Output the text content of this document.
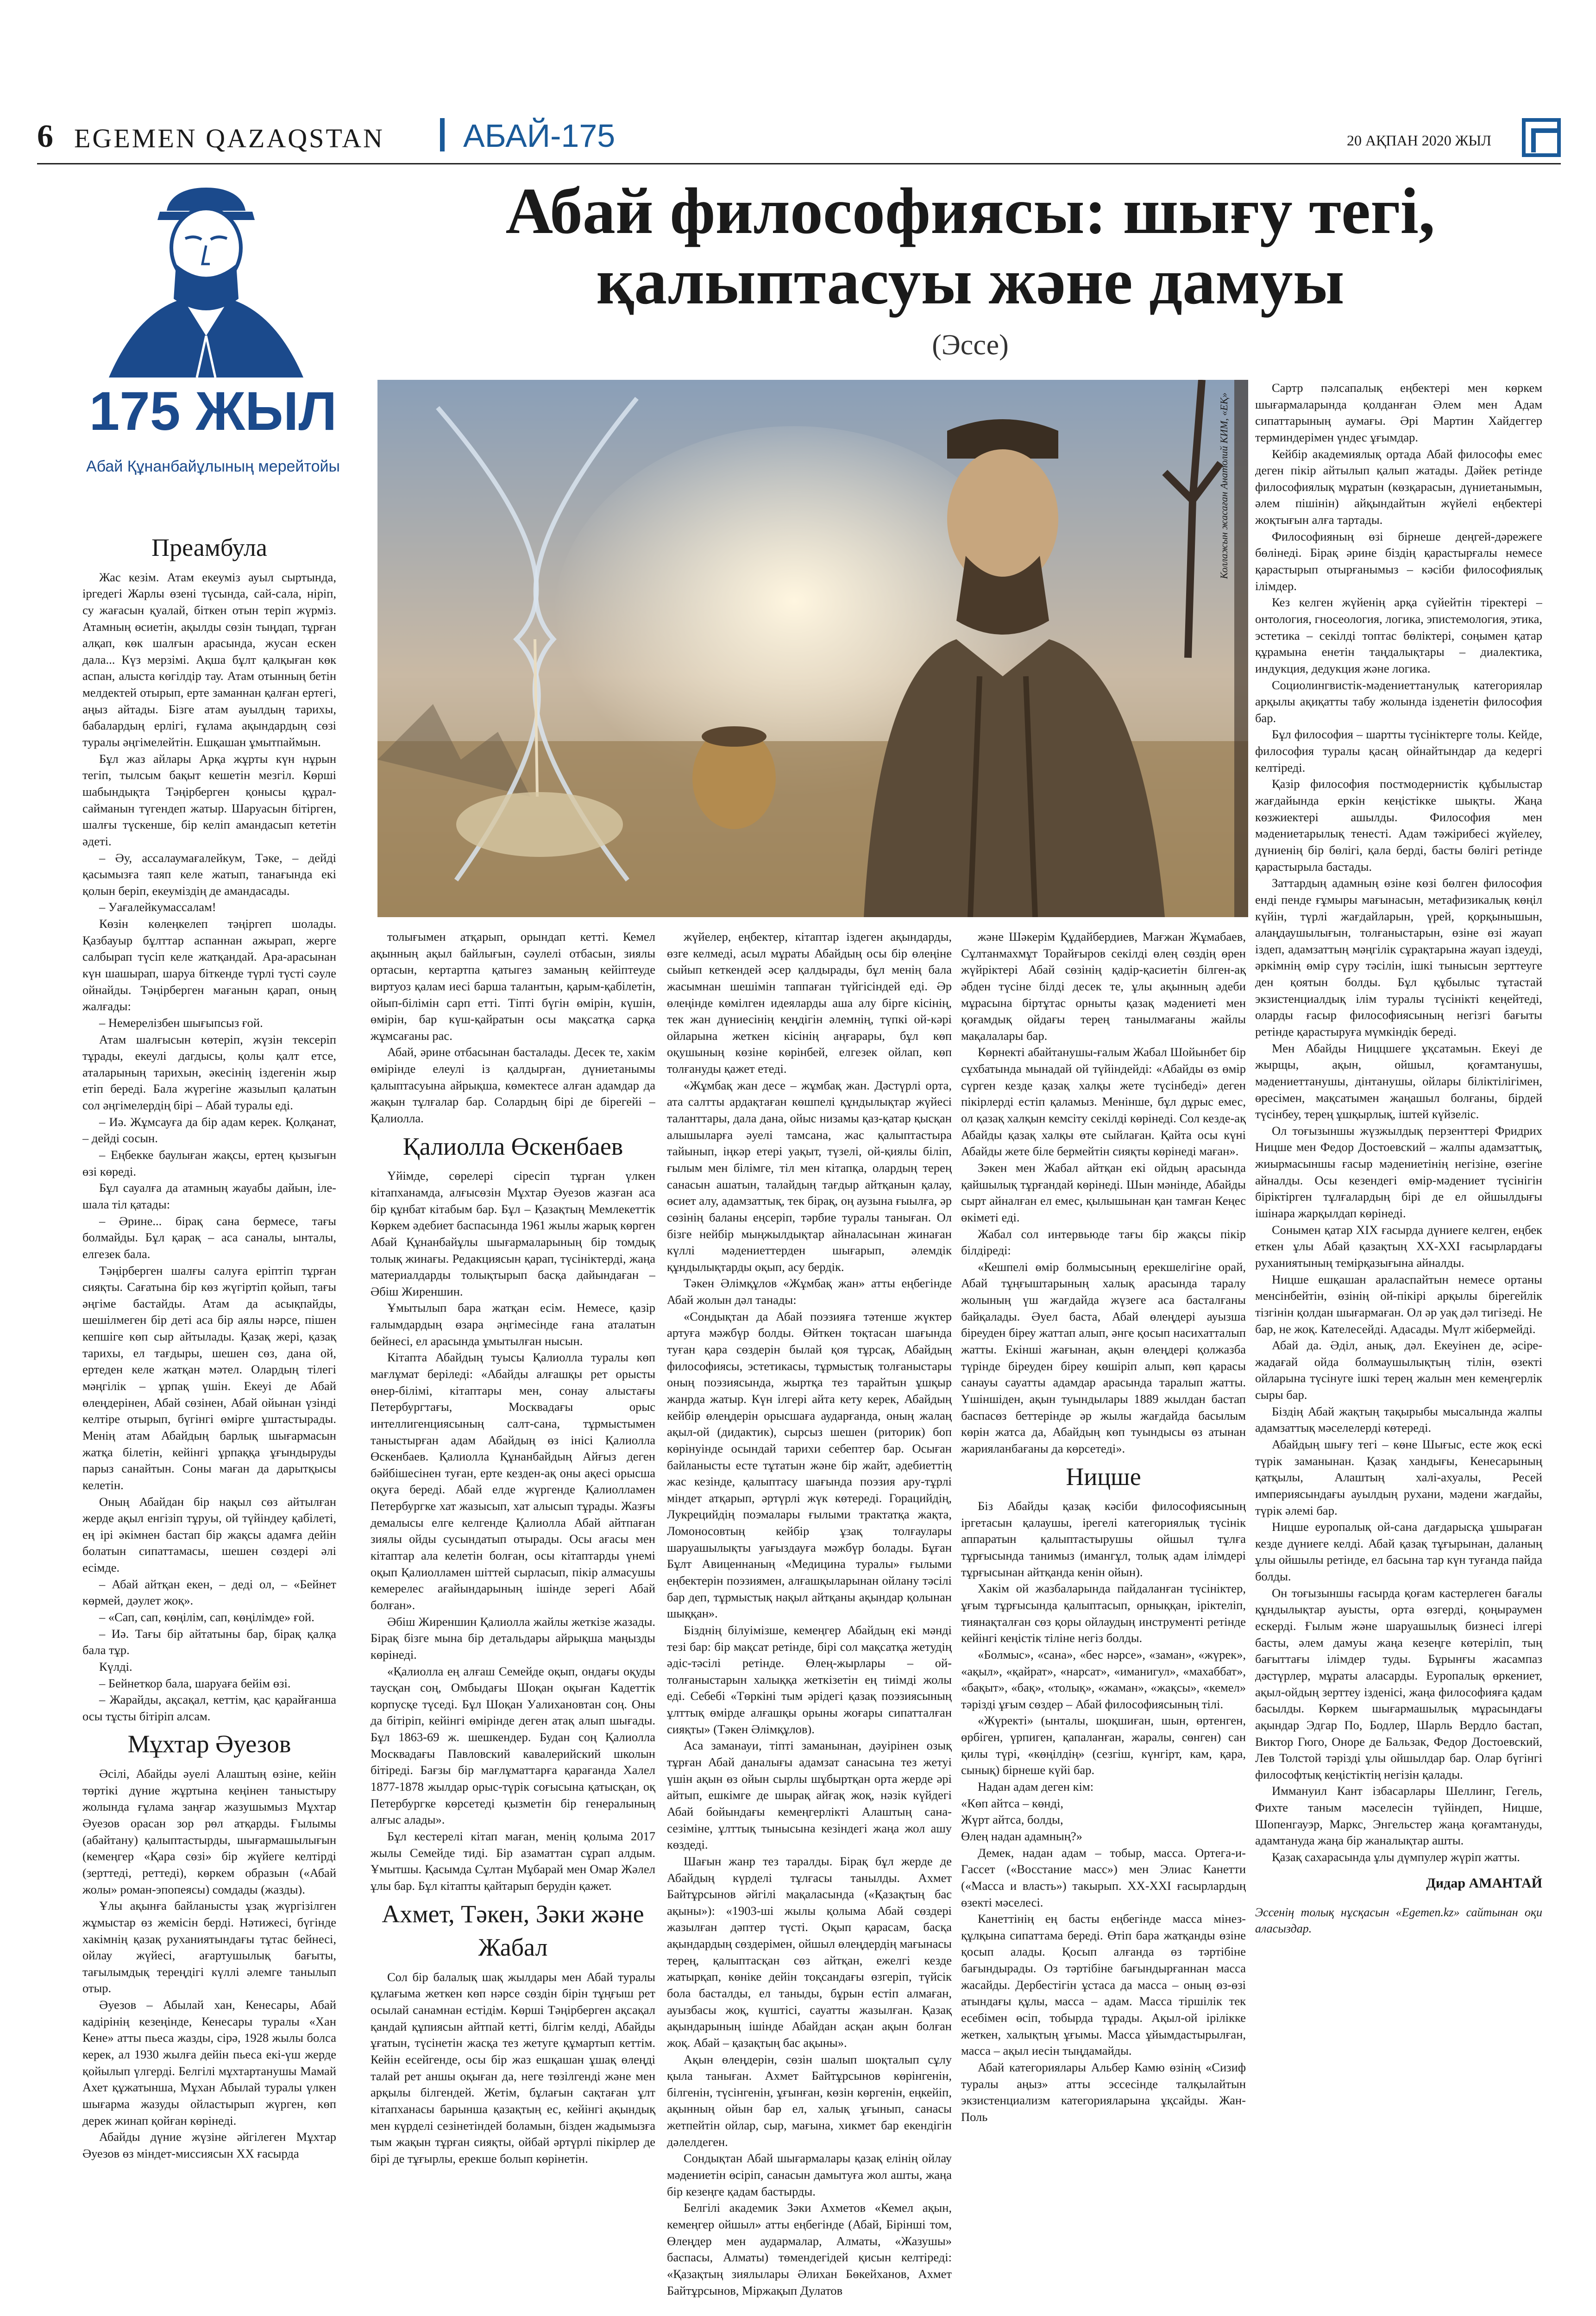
6 EGEMEN QAZAQSTAN АБАЙ-175	20 АҚПАН 2020 ЖЫЛ
175 ЖЫЛ
Абай Құнанбайұлының мерейтойы
Абай философиясы: шығу тегі, қалыптасуы және дамуы
(Эссе)
Коллажын жасаған Анатолий КИМ, «ЕҚ»
Преамбула

Жас кезім. Атам екеуміз ауыл сыртында, іргедегі Жарлы өзені түсында, сай-сала, ніріп, су жағасын қуалай, біткен отын теріп жүрміз. Атамның өсиетін, ақылды сөзін тыңдап, тұрған алқап, көк шалғын арасында, жусан ескен дала... Күз мерзімі. Ақша бұлт қалқыған көк аспан, алыста көгілдір тау. Атам отынның бетін мелдектей отырып, ерте заманнан қалған ертегі, аңыз айтады. Бізге атам ауылдың тарихы, бабалардың ерлігі, ғұлама ақындардың сөзі туралы әңгімелейтін. Ешқашан ұмытпаймын.

Бұл жаз айлары Арқа жұрты күн нұрын тегіп, тылсым бақыт кешетін мезгіл. Көрші шабындықта Тәңірберген қонысы құрал-сайманын түгендеп жатыр. Шаруасын бітірген, шалғы түскенше, бір келіп амандасып кететін әдеті.

– Әу, ассалаумағалейкум, Тәке, – дейді қасымызға таяп келе жатып, танағында екі қолын беріп, екеуміздің де амандасады.

– Уағалейкумассалам!

Көзін көлеңкелеп тәңіргеп шолады. Қазбауыр бұлттар аспаннан ажырап, жерге салбырап түсіп келе жатқандай. Ара-арасынан күн шашырап, шаруа біткенде түрлі түсті сәуле ойнайды. Тәңірберген мағанын қарап, оның жалғады:

– Немерелізбен шығыпсыз ғой.

Атам шалғысын көтеріп, жүзін тексеріп тұрады, екеулі дагдысы, қолы қалт етсе, аталарының тарихын, әкесінің іздегенін жыр етіп береді. Бала жүрегіне жазылып қалатын сол әңгімелердің бірі – Абай туралы еді.

– Иә. Жұмсауға да бір адам керек. Қолқанат, – дейді сосын.

– Еңбекке баулыған жақсы, ертең қызығын өзі көреді.

Бұл сауалға да атамның жауабы дайын, іле-шала тіл қатады:

– Әрине... бірақ сана бермесе, тағы болмайды. Бұл қарақ – аса саналы, ынталы, елгезек бала.

Тәңірберген шалғы салуға еріптіп тұрған сияқты. Сағатына бір көз жүгіртіп қойып, тағы әңгіме бастайды. Атам да асықпайды, шешілмеген бір деті аса бір аялы нәрсе, пішен кепшіге көп сыр айтылады. Қазақ жері, қазақ тарихы, ел тағдыры, шешен сөз, дана ой, ертеден келе жатқан мәтел. Олардың тілегі мәңгілік – ұрпақ үшін. Екеуі де Абай өлеңдерінен, Абай сөзінен, Абай ойынан үзінді келтіре отырып, бүгінгі өмірге ұштастырады. Менің атам Абайдың барлық шығармасын жатқа білетін, кейінгі ұрпаққа ұғындыруды парыз санайтын. Соны маған да дарытқысы келетін.

Оның Абайдан бір нақыл сөз айтылған жерде ақыл енгізіп тұруы, ой түйіндеу қабілеті, ең ірі әкімнен бастап бір жақсы адамға дейін болатын сипаттамасы, шешен сөздері әлі есімде.

– Абай айтқан екен, – деді ол, – «Бейнет көрмей, дәулет жоқ».

– «Сап, сап, көңілім, сап, көңілімде» ғой.

– Иә. Тағы бір айтатыны бар, бірақ қалқа бала тұр.

Күлді.

– Бейнеткор бала, шаруаға бейім өзі.

– Жарайды, ақсақал, кеттім, қас қарайғанша осы тұсты бітіріп алсам.

Мұхтар Әуезов

Әсілі, Абайды әуелі Алаштың өзіне, кейін төртікі дүние жұртына кеңінен таныстыру жолында ғұлама заңғар жазушымыз Мұхтар Әуезов орасан зор рөл атқарды. Ғылымы (абайтану) қалыптастырды, шығармашылығын (кемеңгер «Қара сөзі» бір жүйеге келтірді (зерттеді, реттеді), көркем образын («Абай жолы» роман-эпопеясы) сомдады (жазды).

Ұлы ақынға байланысты ұзақ жүргізілген жұмыстар өз жемісін берді. Нәтижесі, бүгінде хакімнің қазақ руханиятындағы тұтас бейнесі, ойлау жүйесі, ағартушылық бағыты, тағылымдық тереңдігі күллі әлемге танылып отыр.

Әуезов – Абылай хан, Кенесары, Абай кадірінің кезеңінде, Кенесары туралы «Хан Кене» атты пьеса жазды, сірә, 1928 жылы болса керек, ал 1930 жылға дейін пьеса екі-үш жерде қойылып үлгерді. Белгілі мұхтартанушы Мамай Ахет құжатынша, Мұхан Абылай туралы үлкен шығарма жазуды ойластырып жүрген, көп дерек жинап қойған көрінеді.

Абайды дүние жүзіне әйгілеген Мұхтар Әуезов өз міндет-миссиясын XX ғасырда

толығымен атқарып, орындап кетті. Кемел ақынның ақыл байлығын, сәулелі отбасын, зиялы ортасын, кертартпа қатыгез заманың кейіптеуде виртуоз қалам иесі барша талантын, қарым-қабілетін, ойып-білімін сарп етті. Тіпті бүгін өмірін, күшін, өмірін, бар күш-қайратын осы мақсатқа сарқа жұмсағаны рас.

Абай, әрине отбасынан басталады. Десек те, хакім өмірінде елеулі із қалдырған, дүниетанымы қалыптасуына айрықша, көмектесе алған адамдар да жақын тұлғалар бар. Солардың бірі де бірегейі – Қалиолла.

Қалиолла Өскенбаев

Үйімде, сөрелері сіресіп тұрған үлкен кітапханамда, алғысөзін Мұхтар Әуезов жазған аса бір құнбат кітабым бар. Бұл – Қазақтың Мемлекеттік Көркем әдебиет баспасында 1961 жылы жарық көрген Абай Құнанбайұлы шығармаларының бір томдық толық жинағы. Редакциясын қарап, түсініктерді, жаңа материалдарды толықтырып басқа дайындаған – Әбіш Жиреншин.

Ұмытылып бара жатқан есім. Немесе, қазір ғалымдардың өзара әңгімесінде ғана аталатын бейнесі, ел арасында ұмытылған нысын.

Кітапта Абайдың туысы Қалиолла туралы көп мағлұмат беріледі: «Абайды алғашқы рет орысты өнер-білімі, кітаптары мен, сонау алыстағы Петербургтағы, Москвадағы орыс интеллигенциясының салт-сана, тұрмыстымен таныстырған адам Абайдың өз інісі Қалиолла Өскенбаев. Қалиолла Құнанбайдың Айғыз деген бәйбішесінен туған, ерте кезден-ақ оны ақесі орысша оқуға береді. Абай елде жүргенде Қалиолламен Петербургке хат жазысып, хат алысып тұрады. Жазғы демалысы елге келгенде Қалиолла Абай айтпаған зиялы ойды сусындатып отырады. Осы ағасы мен кітаптар ала келетін болған, осы кітаптарды үнемі оқып Қалиолламен шіттей сырласып, пікір алмасушы кемерелес ағайындарының ішінде зерегі Абай болған».

Әбіш Жиреншин Қалиолла жайлы жеткізе жазады. Бірақ бізге мына бір детальдары айрықша маңызды көрінеді.

«Қалиолла ең алғаш Семейде оқып, ондағы оқуды таусқан соң, Омбыдағы Шоқан оқыған Кадеттік корпусқе түседі. Бұл Шоқан Уалихановтан соң. Оны да бітіріп, кейінгі өмірінде деген атақ алып шығады. Бұл 1863-69 ж. шешкендер. Будан соң Қалиолла Москвадағы Павловский кавалерийский школын бітіреді. Бағзы бір мағлұматтарға қарағанда Халел 1877-1878 жылдар орыс-түрік соғысына қатысқан, оқ Петербургке көрсетеді қызметін бір генералының алғыс алады».

Бұл кестерелі кітап маған, менің қолыма 2017 жылы Семейде тиді. Бір азаматтан сұрап алдым. Ұмытшы. Қасымда Сұлтан Мұбарай мен Омар Жәлел ұлы бар. Бұл кітапты қайтарып берудін қажет.

Ахмет, Тәкен, Зәки және Жабал

Сол бір балалық шақ жылдары мен Абай туралы құлағыма жеткен көп нәрсе сөздін бірін тұңғыш рет осылай санамнан естідім. Көрші Тәңірберген ақсақал қандай құпиясын айтпай кетті, білгім келді, Абайды ұғатын, түсінетін жасқа тез жетуге құмартып кеттім. Кейін есейгенде, осы бір жаз ешқашан ұшақ өлеңді талай рет аншы оқыған да, неге төзілгенді және мен арқылы білгендей. Жетім, бұлағын сақтаған ұлт кітапханасы барынша қазақтың ес, кейінгі ақындық мен күрделі сезінетіндей боламын, бізден жадымызға тым жақын тұрған сияқты, ойбай әртүрлі пікірлер де бірі де тұғырлы, ерекше болып көрінетін.

жүйелер, еңбектер, кітаптар іздеген ақындарды, өзге келмеді, асыл мұраты Абайдың осы бір өлеңіне сыйып кеткендей әсер қалдырады, бұл менің бала жасымнан шешімін таппаған түйгісіндей еді. Әр өлеңінде көмілген идеяларды аша алу бірге кісінің, тек жан дүниесінің кеңдігін әлемнің, түпкі ой-кәрі ойларына жеткен кісінің аңғарары, бұл көп оқушының көзіне көрінбей, елгезек ойлап, көп толғануды қажет етеді.

«Жұмбақ жан десе – жұмбақ жан. Дәстүрлі орта, ата салтты ардақтаған көшпелі құндылықтар жүйесі таланттары, дала дана, ойыс низамы қаз-қатар қысқан алышыларға әуелі тамсана, жас қалыптастыра тайынып, іңкәр етері уақыт, түзелі, ой-қиялы біліп, ғылым мен білімге, тіл мен кітапқа, олардың терең санасын ашатын, талайдың тағдыр айтқанын қалау, өсиет алу, адамзаттық, тек бірақ, оң аузына ғыылға, әр сөзінің баланы еңсеріп, тәрбие туралы таныған. Ол бізге нейбір мыңжылдықтар айналасынан жинаған күллі мәдениеттерден шығарып, әлемдік құндылықтарды оқып, асу бердік.

Тәкен Әлімқұлов «Жұмбақ жан» атты еңбегінде Абай жолын дәл танады:

«Сондықтан да Абай поэзияға тәтенше жүктер артуға мәжбүр болды. Өйткен тоқтасан шағында туған қара сөздерін былай қоя тұрсақ, Абайдың философиясы, эстетикасы, тұрмыстық толғаныстары оның поэзиясында, жыртқа тез тарайтын ұшқыр жанрда жатыр. Күн ілгері айта кету керек, Абайдың кейбір өлеңдерін орысшаға аударғанда, оның жалаң ақыл-ой (дидактик), сырсыз шешен (риторик) боп көрінуінде осындай тарихи себептер бар. Осыған байланысты есте тұтатын және бір жайт, әдебиеттің жас кезінде, қалыптасу шағында поэзия ару-тұрлі міндет атқарып, әртүрлі жүк көтереді. Горацийдің, Лукрецийдің поэмалары ғылыми трактатқа жақта, Ломоносовтың кейбір ұзақ толғаулары шаруашылықты уағыздауға мәжбүр болады. Бұған Бұлт Авиценнаның «Медицина туралы» ғылыми еңбектерін поэзиямен, алғашқыларынан ойлану тәсілі бар деп, тұрмыстық нақыл айтқаны ақындар қолынан шыққан».

Бізднің білуімізше, кемеңгер Абайдың екі мәнді тезі бар: бір мақсат ретінде, бірі сол мақсатқа жетудің әдіс-тәсілі ретінде. Өлең-жырлары – ой-толғаныстарын халыққа жеткізетін ең тиімді жолы еді. Себебі «Төркіні тым әрідегі қазақ поэзиясының ұлттық өмірде алғашқы орыны жоғары сипатталған сияқты» (Тәкен Әлімқұлов).

Аса заманауи, тіпті заманынан, дәуірінен озық тұрған Абай даналығы адамзат санасына тез жетуі үшін ақын өз ойын сырлы шұбыртқан орта жерде әрі айтып, ешкімге де шырақ айғақ жоқ, нәзік күйдегі Абай бойындағы кемеңгерлікті Алаштың сана-сезіміне, ұлттық тынысына кезіндегі жаңа жол ашу көздеді.

Шағын жанр тез таралды. Бірақ бұл жерде де Абайдың күрделі тұлғасы танылды. Ахмет Байтұрсынов әйгілі мақаласында («Қазақтың бас ақыны»): «1903-ші жылы қолыма Абай сөздері жазылған дәптер түсті. Оқып қарасам, басқа ақындардың сөздерімен, ойшыл өлеңдердің мағынасы терең, қалыптасқан сөз айтқан, ежелгі кезде жатырқап, көніке дейін тоқсандағы өзгеріп, түйсік бола басталды, ел таныды, бұрын естіп алмаған, ауызбасы жоқ, күштісі, сауатты жазылған. Қазақ ақындарының ішінде Абайдан асқан ақын болған жоқ. Абай – қазақтың бас ақыны».

Ақын өлеңдерін, сөзін шалып шоқталып сұлу қыла таныған. Ахмет Байтұрсынов көрінгенін, білгенін, түсінгенін, ұғынған, көзін көргенін, еңкейіп, ақынның ойын бар ел, халық ұғынып, санасы жетпейтін ойлар, сыр, мағына, хикмет бар екендігін дәлелдеген.

Сондықтан Абай шығармалары қазақ елінің ойлау мәдениетін өсіріп, санасын дамытуға жол ашты, жаңа бір кезеңге қадам бастырды.

Белгілі академик Зәки Ахметов «Кемел ақын, кемеңгер ойшыл» атты еңбегінде (Абай, Бірінші том, Өлеңдер мен аудармалар, Алматы, «Жазушы» баспасы, Алматы) төмендегідей қисын келтіреді: «Қазақтың зиялылары Әлихан Бөкейханов, Ахмет Байтұрсынов, Міржақып Дулатов

және Шәкерім Құдайбердиев, Мағжан Жұмабаев, Сұлтанмахмұт Торайғыров секілді өлең сөздің өрен жүйріктері Абай сөзінің қадір-қасиетін білген-ақ әбден түсіне білді десек те, ұлы ақынның әдеби мұрасына біртұтас орныты қазақ мәдениеті мен қоғамдық ойдағы терең танылмағаны жайлы мақалалары бар.

Көрнекті абайтанушы-ғалым Жабал Шойынбет бір сұхбатында мынадай ой түйіндейді: «Абайды өз өмір сүрген кезде қазақ халқы жете түсінбеді» деген пікірлерді естіп қаламыз. Менінше, бұл дұрыс емес, ол қазақ халқын кемсіту секілді көрінеді. Сол кезде-ақ Абайды қазақ халқы өте сыйлаған. Қайта осы күні Абайды жете біле бермейтін сияқты көрінеді маған».

Зәкен мен Жабал айтқан екі ойдың арасында қайшылық тұрғандай көрінеді. Шын мәнінде, Абайды сырт айналған ел емес, қылышынан қан тамған Кеңес өкіметі еді.

Жабал сол интервьюде тағы бір жақсы пікір білдіреді:

«Кешпелі өмір болмысының ерекшелігіне орай, Абай тұңғыштарының халық арасында таралу жолының үш жағдайда жүзеге аса басталғаны байқалады. Әуел баста, Абай өлеңдері ауызша біреуден біреу жаттап алып, әнге қосып насихатталып жатты. Екінші жағынан, ақын өлеңдері қолжазба түрінде біреуден біреу көшіріп алып, көп қарасы санауы сауатты адамдар арасында таралып жатты. Үшіншіден, ақын туындылары 1889 жылдан бастап баспасөз беттерінде әр жылы жағдайда басылым көрін жатса да, Абайдың көп туындысы өз атынан жарияланбағаны да көрсетеді».

Ницше

Біз Абайды қазақ кәсіби философиясының іргетасын қалаушы, ірегелі категориялық түсінік аппаратын қалыптастырушы ойшыл тұлға тұрғысында танимыз (имангұл, толық адам ілімдері тұрғысынан айтқанда кенін ойын).

Хакім ой жазбаларында пайдаланған түсініктер, ұғым тұрғысында қалыптасып, орныққан, іріктеліп, тиянақталған сөз қоры ойлаудың инструменті ретінде кейінгі кеңістік тіліне негіз болды.

«Болмыс», «сана», «бес нәрсе», «заман», «жүрек», «ақыл», «қайрат», «нарсат», «иманигул», «махаббат», «бақыт», «бақ», «толық», «жаман», «жақсы», «кемел» тәрізді ұғым сөздер – Абай философиясының тілі.

«Жүректі» (ынталы, шоқшиған, шын, өртенген, өрбіген, үрпиген, қапаланған, жаралы, сөнген) сан қилы түрі, «көңілдің» (сезгіш, күнгірт, кам, қара, сынық) бірнеше күйі бар.

Надан адам деген кім:
«Көп айтса – көнді,
Жүрт айтса, болды,
Өлең надан адамның?»

Демек, надан адам – тобыр, масса. Ортега-и-Гассет («Восстание масс») мен Элиас Канетти («Масса и власть») такырып. XX-XXI ғасырлардың өзекті мәселесі.

Канеттінің ең басты еңбегінде масса мінез-құлқына сипаттама береді. Өтіп бара жатқанды өзіне қосып алады. Қосып алғанда өз тәртібіне бағындырады. Оз тәртібіне бағындырғаннан масса жасайды. Дербестігін ұстаса да масса – оның өз-өзі атындағы құлы, масса – адам. Масса тіршілік тек есебімен өсіп, тобырда тұрады. Ақыл-ой ірілікке жеткен, халықтың ұғымы. Масса ұйымдастырылған, масса – ақыл иесін тыңдамайды.

Абай категориялары Альбер Камю өзінің «Сизиф туралы аңыз» атты эссесінде талқылайтын экзистенциализм категорияларына ұқсайды. Жан-Поль

Сартр пәлсапалық еңбектері мен көркем шығармаларында қолданған Әлем мен Адам сипаттарының аумағы. Әрі Мартин Хайдеггер терминдерімен үндес ұғымдар.

Кейбір академиялық ортада Абай философы емес деген пікір айтылып қалып жатады. Дәйек ретінде философиялық мұратын (көзқарасын, дүниетанымын, әлем пішінін) айқындайтын жүйелі еңбектері жоқтығын алға тартады.

Философияның өзі бірнеше деңгей-дәрежеге бөлінеді. Бірақ әрине біздің қарастырғалы немесе қарастырып отырғанымыз – кәсіби философиялық ілімдер.

Кез келген жүйенің арқа сүйейтін тіректері – онтология, гносеология, логика, эпистемология, этика, эстетика – секілді топтас бөліктері, соңымен қатар құрамына енетін таңдалықтары – диалектика, индукция, дедукция және логика.

Социолингвистік-мәдениеттанулық категориялар арқылы ақиқатты табу жолында ізденетін философия бар.

Бұл философия – шартты түсініктерге толы. Кейде, философия туралы қасаң ойнайтындар да кедергі келтіреді.

Қазір философия постмодернистік құбылыстар жағдайында еркін кеңістікке шықты. Жаңа көзжиектері ашылды. Философия мен мәдениетарылық тенесті. Адам тәжірибесі жүйелеу, дүниенің бір бөлігі, қала берді, басты бөлігі ретінде қарастырыла бастады.

Заттардың адамның өзіне көзі бөлген философия енді пенде ғұмыры мағынасын, метафизикалық көңіл күйін, түрлі жағдайларын, үрей, қорқынышын, алаңдаушылығын, толғаныстарын, өзіне өзі жауап іздеп, адамзаттың мәңгілік сұрақтарына жауап іздеуді, әркімнің өмір сүру тәсілін, ішкі тынысын зерттеуге ден қоятын болды. Бұл құбылыс тұтастай экзистенциалдық ілім туралы түсінікті кеңейтеді, оларды ғасыр философиясының негізгі бағыты ретінде қарастыруға мүмкіндік береді.

Мен Абайды Ниццшеге ұқсатамын. Екеуі де жырщы, ақын, ойшыл, қоғамтанушы, мәдениеттанушы, дінтанушы, ойлары біліктілігімен, өресімен, мақсатымен жаңашыл болғаны, бірдей түсінбеу, терең ұшқырлық, іштей күйзеліс.

Ол тоғызыншы жүзжылдық перзенттері Фридрих Ницше мен Федор Достоевский – жалпы адамзаттық, жиырмасыншы ғасыр мәдениетінің негізіне, өзегіне айналды. Осы кезендегі өмір-мәдениет түсінігін біріктірген тұлғалардың бірі де ел ойшылдығы ішінара жарқылдап көрінеді.

Сонымен қатар XIX ғасырда дүниеге келген, еңбек еткен ұлы Абай қазақтың XX-XXI ғасырлардағы руханиятының темірқазығына айналды.

Ницше ешқашан араласпайтын немесе ортаны менсінбейтін, өзінің ой-пікірі арқылы бірегейлік тізгінін қолдан шығармаған. Ол әр уақ дәл тигізеді. Не бар, не жоқ. Кателесейді. Адасады. Мүлт жібермейді.

Абай да. Әділ, анық, дәл. Екеуінен де, әсіре-жадағай ойда болмаушылықтың тілін, өзекті ойларына түсінуге ішкі терең жалын мен кемеңгерлік сыры бар.

Біздің Абай жақтың тақырыбы мысалында жалпы адамзаттық мәселелерді көтереді.

Абайдың шығу тегі – көне Шығыс, есте жоқ ескі түрік заманынан. Қазақ хандығы, Кенесарының қатқылы, Алаштың халі-ахуалы, Ресей империясындағы ауылдың рухани, мәдени жағдайы, түрік әлемі бар.

Ницше еуропалық ой-сана дағдарысқа ұшыраған кезде дүниеге келді. Абай қазақ тұғырынан, даланың ұлы ойшылы ретінде, ел басына тар күн туғанда пайда болды.

Он тоғызыншы ғасырда қоғам кастерлеген бағалы құндылықтар ауысты, орта өзгерді, қоңыраумен ескерді. Ғылым және шаруашылық бизнесі ілгері басты, әлем дамуы жаңа кезеңге көтеріліп, тың бағыттағы ілімдер туды. Бұрынғы жасампаз дәстүрлер, мұраты аласарды. Еуропалық өркениет, ақыл-ойдың зерттеу ізденісі, жаңа философияға қадам басылды. Көркем шығармашылық мұрасындағы ақындар Эдгар По, Бодлер, Шарль Вердло бастап, Виктор Гюго, Оноре де Бальзак, Федор Достоевский, Лев Толстой тәрізді ұлы ойшылдар бар. Олар бүгінгі философтық кеңістіктің негізін қалады.

Иммануил Кант ізбасарлары Шеллинг, Гегель, Фихте таным мәселесін түйіндеп, Ницше, Шопенгауэр, Маркс, Энгельстер жаңа қоғамтануды, адамтануда жаңа бір жаналықтар ашты.

Қазақ сахарасында ұлы дүмпулер жүріп жатты.

Дидар АМАНТАЙ
Эссенің толық нұсқасын «Egemen.kz» сайтынан оқи аласыздар.
